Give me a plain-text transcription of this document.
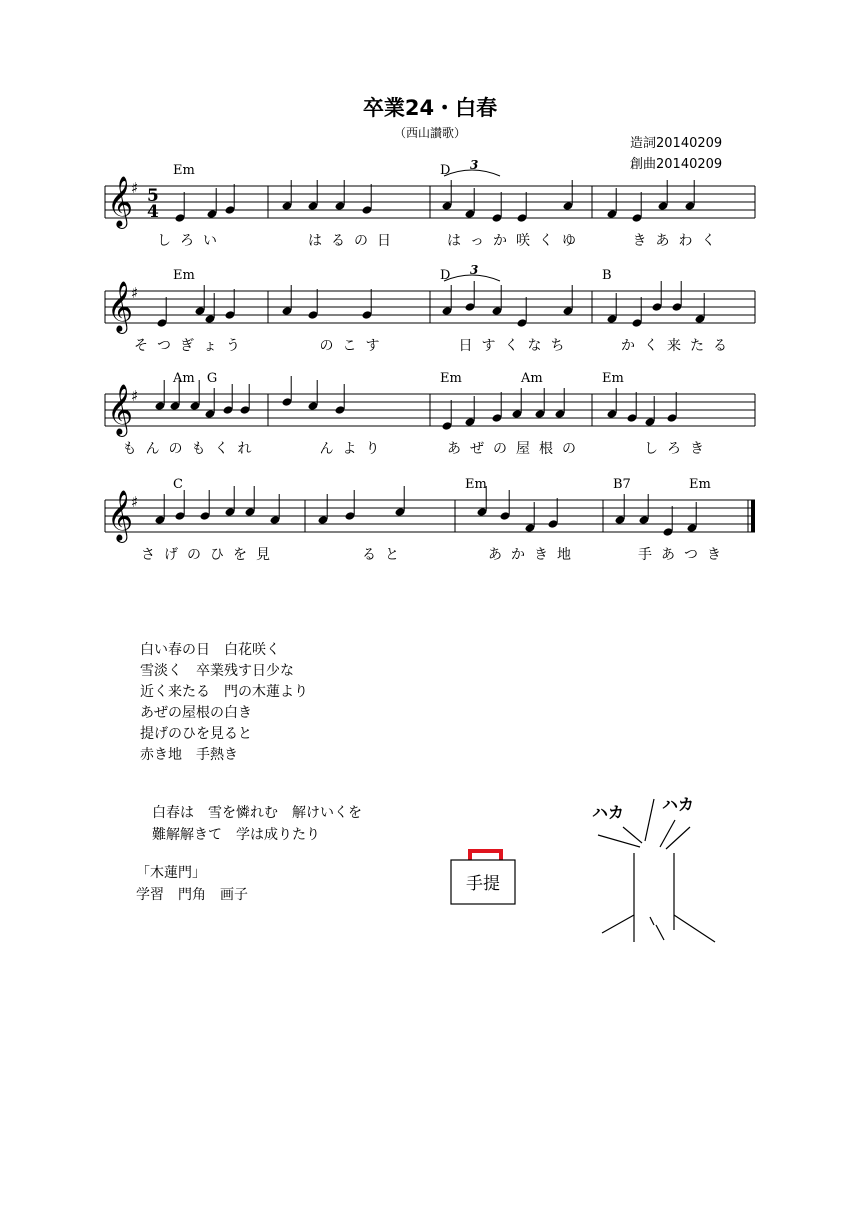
卒業24・白春
（西山讃歌）
造詞20140209
創曲20140209
𝄞
♯ 5
4
Em	D 3
しろい	はるの日	はっか咲くゆ	きあわく
𝄞
♯
Em	D	B
3
そつぎょう	のこす	日すくなち	かく来たる
𝄞
♯
Am G	Em	Am	Em
もんのもくれ	んより	あぜの屋根の	しろき
𝄞
♯
C	Em	B7	Em
さげのひを見	ると	あかき地	手あつき
白い春の日　白花咲く
雪淡く　卒業残す日少な
近く来たる　門の木蓮より
あぜの屋根の白き
提げのひを見ると
赤き地　手熱き
白春は　雪を憐れむ　解けいくを
難解解きて　学は成りたり
「木蓮門」
学習　門角　画子
手提
ハカ ハカ
